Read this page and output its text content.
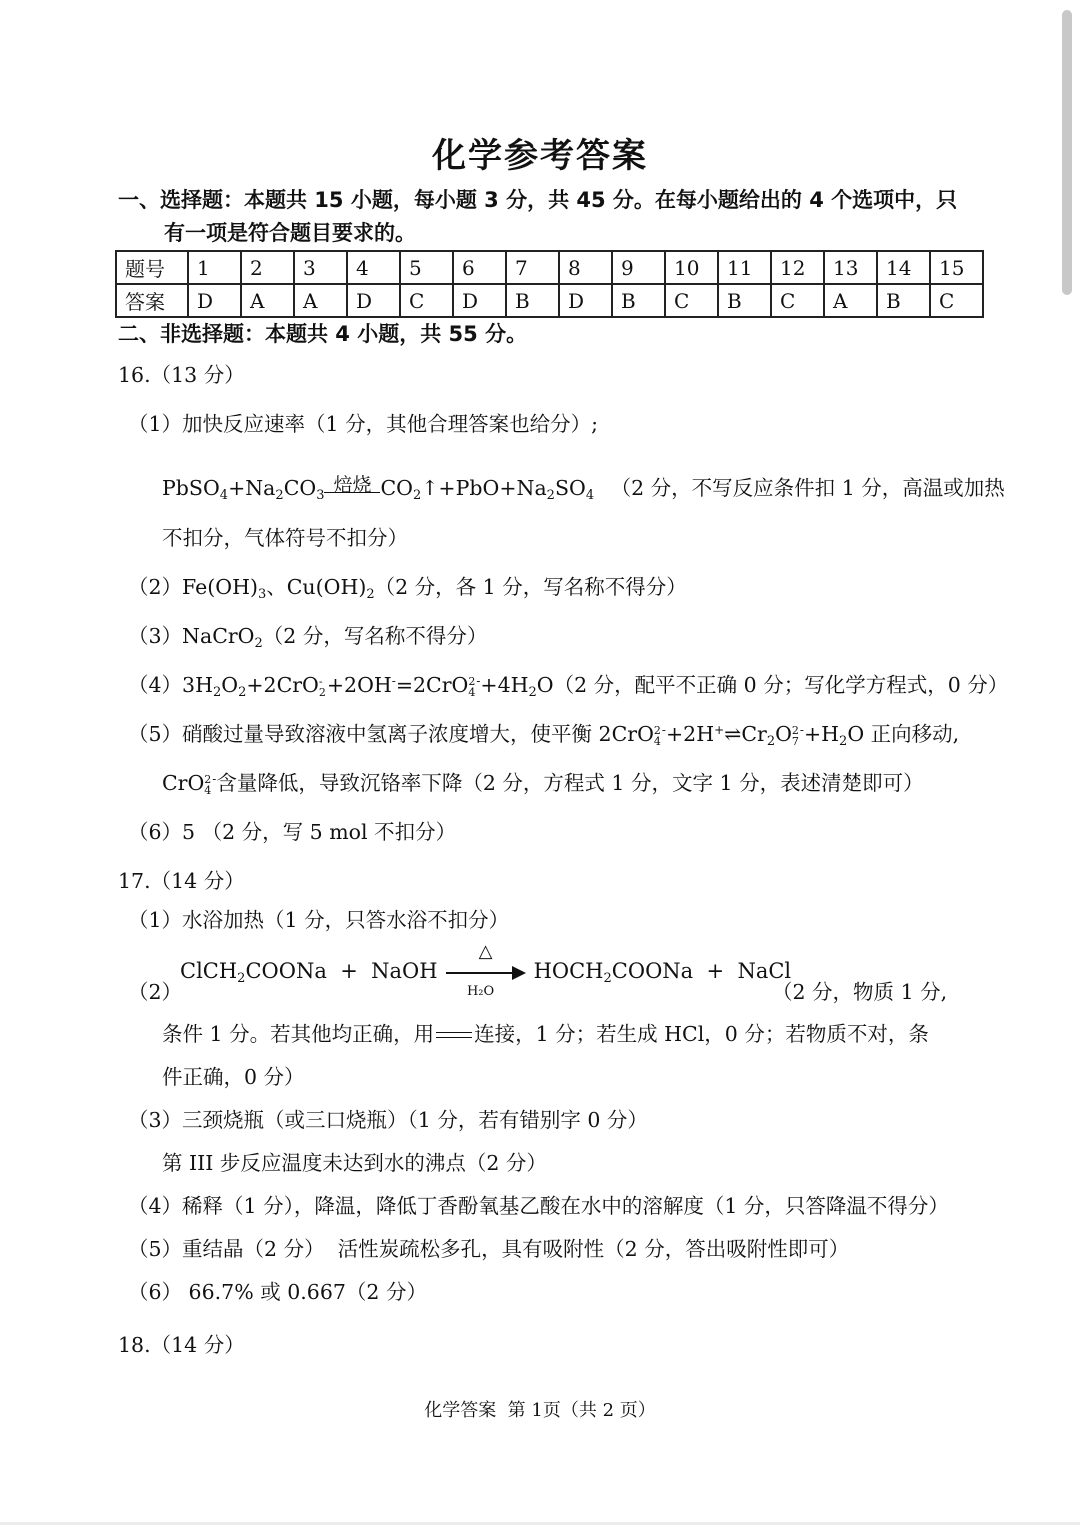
化学参考答案
一、选择题：本题共 15 小题，每小题 3 分，共 45 分。在每小题给出的 4 个选项中，只
有一项是符合题目要求的。
题号	1	2	3	4	5	6	7	8	9	10	11	12	13	14	15
答案	D	A	A	D	C	D	B	D	B	C	B	C	A	B	C
二、非选择题：本题共 4 小题，共 55 分。
16.（13 分）
（1）加快反应速率（1 分，其他合理答案也给分）;
$PbSO_4+Na_2CO_3$ 焙烧 $CO_2↑+PbO+Na_2SO_4$ （2 分，不写反应条件扣 1 分，高温或加热
不扣分，气体符号不扣分）
$(2)Fe(OH)_3$、$Cu(OH)_2(2$ 分，各 1 分，写名称不得分）
（3）NaCrO$_2$（2 分，写名称不得分）
$(4)3H_2O_2+2CrO$ -
2 +2OH-=2CrO 2
4
$^-+4H_2O(2$ 分，配平不正确 0 分；写化学方程式，0 分）
（5）硝酸过量导致溶液中氢离子浓度增大，使平衡 2CrO 2
4
$^-+2H^+\rightleftharpoons Cr_2O$ 2
7
$^-+H_2O$ 正向移动,
CrO 2
4
-含量降低，导致沉铬率下降（2 分，方程式 1 分，文字 1 分，表述清楚即可）
（6）5 （2 分，写 5 mol 不扣分）
17.（14 分）
（1）水浴加热（1 分，只答水浴不扣分）
（2）
ClCH$_2$COONa  +  NaOH
△
H₂O
$HOCH_2COONa$  +  NaCl
（2 分，物质 1 分,
条件 1 分。若其他均正确，用 连接，1 分；若生成 HCl，0 分；若物质不对，条
件正确，0 分）
（3）三颈烧瓶（或三口烧瓶）（1 分，若有错别字 0 分）
第 III 步反应温度未达到水的沸点（2 分）
（4）稀释（1 分），降温，降低丁香酚氧基乙酸在水中的溶解度（1 分，只答降温不得分）
（5）重结晶（2 分）  活性炭疏松多孔，具有吸附性（2 分，答出吸附性即可）
（6） 66.7% 或 0.667（2 分）
18.（14 分）
化学答案  第 1页（共 2 页）
